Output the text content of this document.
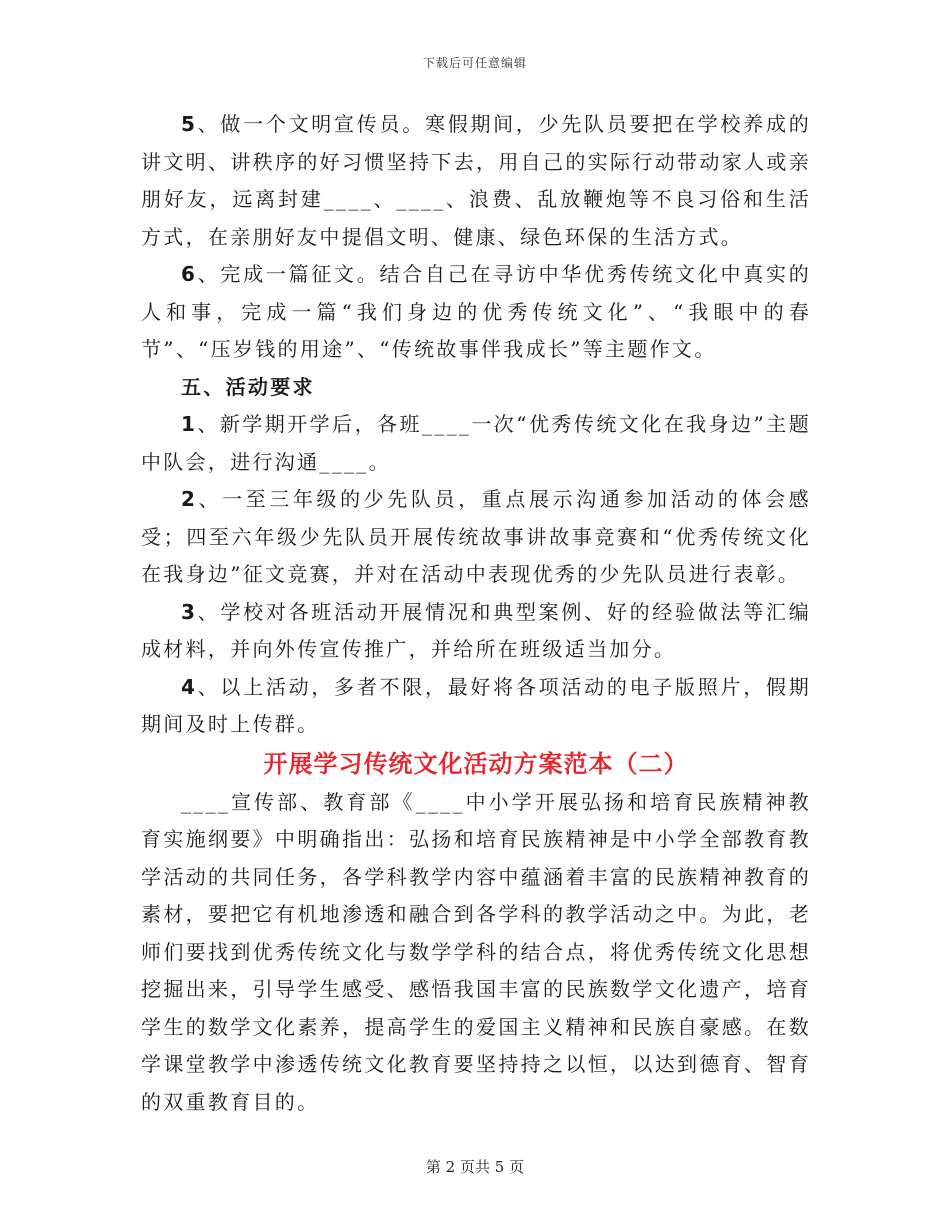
下载后可任意编辑

5、做一个文明宣传员。寒假期间，少先队员要把在学校养成的讲文明、讲秩序的好习惯坚持下去，用自己的实际行动带动家人或亲朋好友，远离封建____、____、浪费、乱放鞭炮等不良习俗和生活方式，在亲朋好友中提倡文明、健康、绿色环保的生活方式。

6、完成一篇征文。结合自己在寻访中华优秀传统文化中真实的人和事，完成一篇“我们身边的优秀传统文化”、“我眼中的春节”、“压岁钱的用途”、“传统故事伴我成长”等主题作文。

五、活动要求

1、新学期开学后，各班____一次“优秀传统文化在我身边”主题中队会，进行沟通____。

2、一至三年级的少先队员，重点展示沟通参加活动的体会感受；四至六年级少先队员开展传统故事讲故事竞赛和“优秀传统文化在我身边”征文竞赛，并对在活动中表现优秀的少先队员进行表彰。

3、学校对各班活动开展情况和典型案例、好的经验做法等汇编成材料，并向外传宣传推广，并给所在班级适当加分。

4、以上活动，多者不限，最好将各项活动的电子版照片，假期期间及时上传群。

开展学习传统文化活动方案范本（二）

____宣传部、教育部《____中小学开展弘扬和培育民族精神教育实施纲要》中明确指出：弘扬和培育民族精神是中小学全部教育教学活动的共同任务，各学科教学内容中蕴涵着丰富的民族精神教育的素材，要把它有机地渗透和融合到各学科的教学活动之中。为此，老师们要找到优秀传统文化与数学学科的结合点，将优秀传统文化思想挖掘出来，引导学生感受、感悟我国丰富的民族数学文化遗产，培育学生的数学文化素养，提高学生的爱国主义精神和民族自豪感。在数学课堂教学中渗透传统文化教育要坚持持之以恒，以达到德育、智育的双重教育目的。

第 2 页共 5 页
